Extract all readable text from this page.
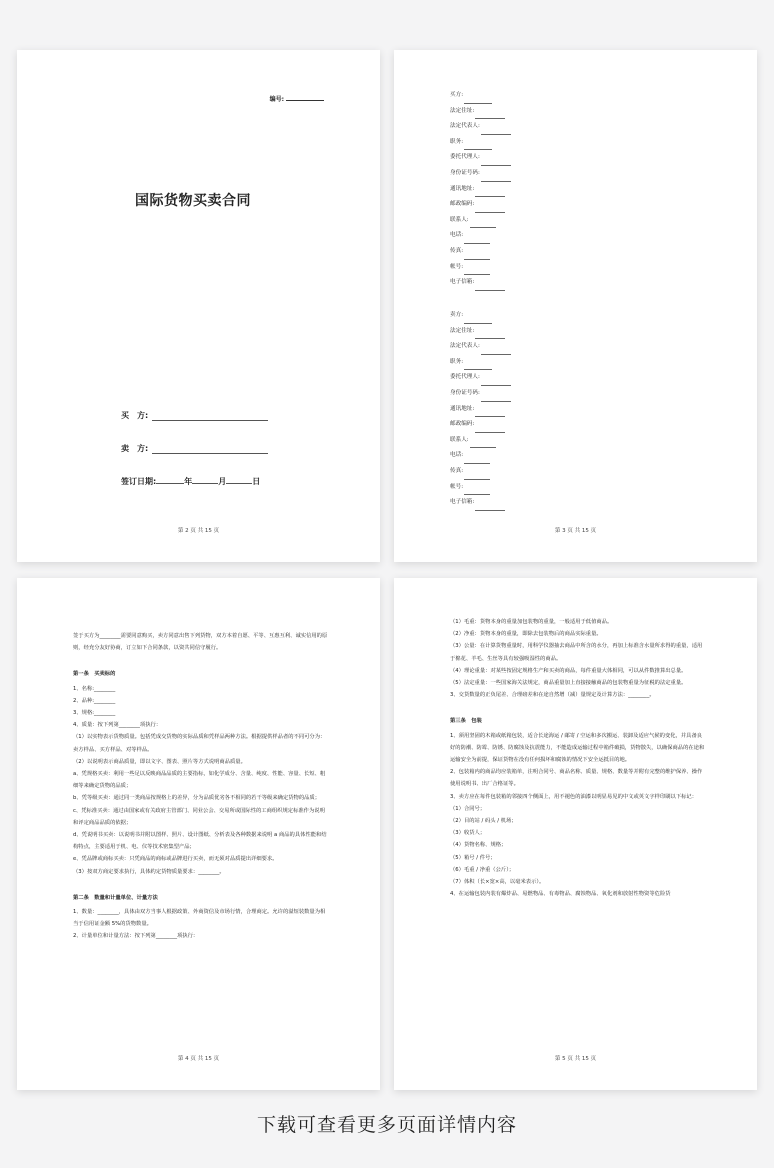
编号:
国际货物买卖合同
买　方:
卖　方:
签订日期:	年	月	日
第 2 页 共 15 页
买方:
法定住址:
法定代表人:
职务:
委托代理人:
身份证号码:
通讯地址:
邮政编码:
联系人:
电话:
传真:
帐号:
电子信箱:
卖方:
法定住址:
法定代表人:
职务:
委托代理人:
身份证号码:
通讯地址:
邮政编码:
联系人:
电话:
传真:
帐号:
电子信箱:
第 3 页 共 15 页

签于买方为________需要同意购买，卖方同意出售下列货物，双方本着自愿、平等、互惠互利、诚实信用的原则，经充分友好协商，订立如下合同条款，以资共同信守履行。

第一条　买卖标的

1、名称:________

2、品种:________

3、规格:________

4、质量：按下列第________项执行：

（1）以实物表示货物质量。包括凭成交货物的实际品质和凭样品两种方法。根据提供样品者的不同可分为：卖方样品、买方样品、对等样品。

（2）以说明表示商品质量，即以文字、图表、照片等方式说明商品质量。

a、凭规格买卖：利用一些足以反映商品品质的主要指标，如化学成分、含量、纯度、性能、容量、长短、粗细等来确定货物的品质；

b、凭等级买卖：通过同一类商品按规格上的差异，分为品质优劣各不相同的若干等级来确定货物的品质；

c、凭标准买卖：通过由国家或有关政府主管部门、同业公会、交易所或国际性的工商组织规定标准作为说明和评定商品品质的依据；

d、凭说明书买卖：以说明书并附以图样、照片、设计图纸、分析表及各种数据来说明 a 商品的具体性能和结构特点，主要适用于机、电、仪等技术密集型产品；

e、凭品牌或商标买卖：只凭商品的商标或品牌进行买卖，而无须对品质提出详细要求。

（3）按双方商定要求执行，具体约定货物质量要求：________。

第二条　数量和计量单位、计量方法

1、数量：________，具体由双方当事人根据政策、外商资信及市场行情，合理商定。允许的溢短装数量为相当于信用证金额 5%的货物数量。

2、计量单位和计量方法：按下列第________项执行：

第 4 页 共 15 页

（1）毛重：货物本身的重量加包装物的重量，一般适用于低值商品。

（2）净重：货物本身的重量，即除去包装物后的商品实际重量。

（3）公量：在计算货物重量时，用科学仪器抽去商品中所含的水分，再加上标准含水量所求得的重量，适用于棉花、羊毛、生丝等具有较强吸湿性的商品。

（4）理论重量：对某些按固定规格生产和买卖的商品，每件重量大体相同，可以从件数推算出总量。

（5）法定重量：一些国家海关法规定，商品重量加上直接接触商品的包装物重量为征税的法定重量。

3、交货数量的正负尾差、合理磅差和在途自然增（减）量规定及计算方法：________。

第三条　包装

1、须用坚固的木箱或纸箱包装，适合长途海运 / 邮寄 / 空运和多次搬运、装卸及适应气候的变化，并具备良好的防潮、防霉、防锈、防腐蚀及抗震能力，不能造成运输过程中箱件破损，货物散失，以确保商品的在途和运输安全为前提，保证货物在没有任何损坏和腐蚀的情况下安全运抵目的地。

2、包装箱内的商品均应装箱单，注明合同号、商品名称、质量、规格、数量等并附有完整的维护保养、操作使用说明书、出厂合格证等。

3、卖方应在每件包装箱的邻接四个侧面上，用不褪色的油漆以明显易见的中文或英文字样印刷以下标记：

（1）合同号；

（2）目的站 / 码头 / 机场；

（3）收货人；

（4）货物名称、规格；

（5）箱号 / 件号；

（6）毛重 / 净重（公斤）；

（7）体积（长×宽×高，以毫米表示）。

4、在运输包装内装有爆炸品、易燃物品、有毒物品、腐蚀物品、氧化剂和放射性物资等危险货

第 5 页 共 15 页
下载可查看更多页面详情内容
